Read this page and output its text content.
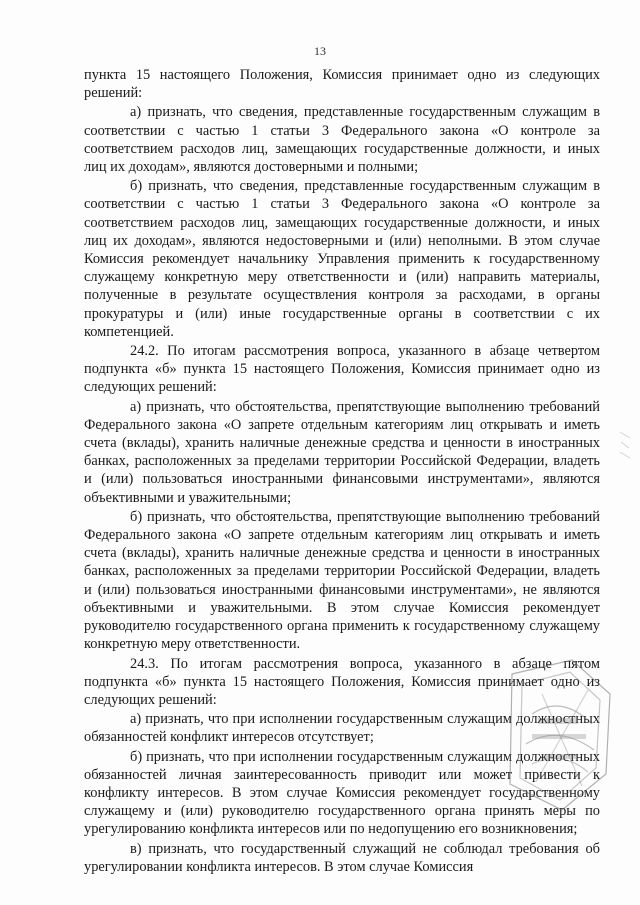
13

пункта 15 настоящего Положения, Комиссия принимает одно из следующих решений:

а) признать, что сведения, представленные государственным служащим в соответствии с частью 1 статьи 3 Федерального закона «О контроле за соответствием расходов лиц, замещающих государственные должности, и иных лиц их доходам», являются достоверными и полными;

б) признать, что сведения, представленные государственным служащим в соответствии с частью 1 статьи 3 Федерального закона «О контроле за соответствием расходов лиц, замещающих государственные должности, и иных лиц их доходам», являются недостоверными и (или) неполными. В этом случае Комиссия рекомендует начальнику Управления применить к государственному служащему конкретную меру ответственности и (или) направить материалы, полученные в результате осуществления контроля за расходами, в органы прокуратуры и (или) иные государственные органы в соответствии с их компетенцией.

24.2. По итогам рассмотрения вопроса, указанного в абзаце четвертом подпункта «б» пункта 15 настоящего Положения, Комиссия принимает одно из следующих решений:

а) признать, что обстоятельства, препятствующие выполнению требований Федерального закона «О запрете отдельным категориям лиц открывать и иметь счета (вклады), хранить наличные денежные средства и ценности в иностранных банках, расположенных за пределами территории Российской Федерации, владеть и (или) пользоваться иностранными финансовыми инструментами», являются объективными и уважительными;

б) признать, что обстоятельства, препятствующие выполнению требований Федерального закона «О запрете отдельным категориям лиц открывать и иметь счета (вклады), хранить наличные денежные средства и ценности в иностранных банках, расположенных за пределами территории Российской Федерации, владеть и (или) пользоваться иностранными финансовыми инструментами», не являются объективными и уважительными. В этом случае Комиссия рекомендует руководителю государственного органа применить к государственному служащему конкретную меру ответственности.

24.3. По итогам рассмотрения вопроса, указанного в абзаце пятом подпункта «б» пункта 15 настоящего Положения, Комиссия принимает одно из следующих решений:

а) признать, что при исполнении государственным служащим должностных обязанностей конфликт интересов отсутствует;

б) признать, что при исполнении государственным служащим должностных обязанностей личная заинтересованность приводит или может привести к конфликту интересов. В этом случае Комиссия рекомендует государственному служащему и (или) руководителю государственного органа принять меры по урегулированию конфликта интересов или по недопущению его возникновения;

в) признать, что государственный служащий не соблюдал требования об урегулировании конфликта интересов. В этом случае Комиссия
